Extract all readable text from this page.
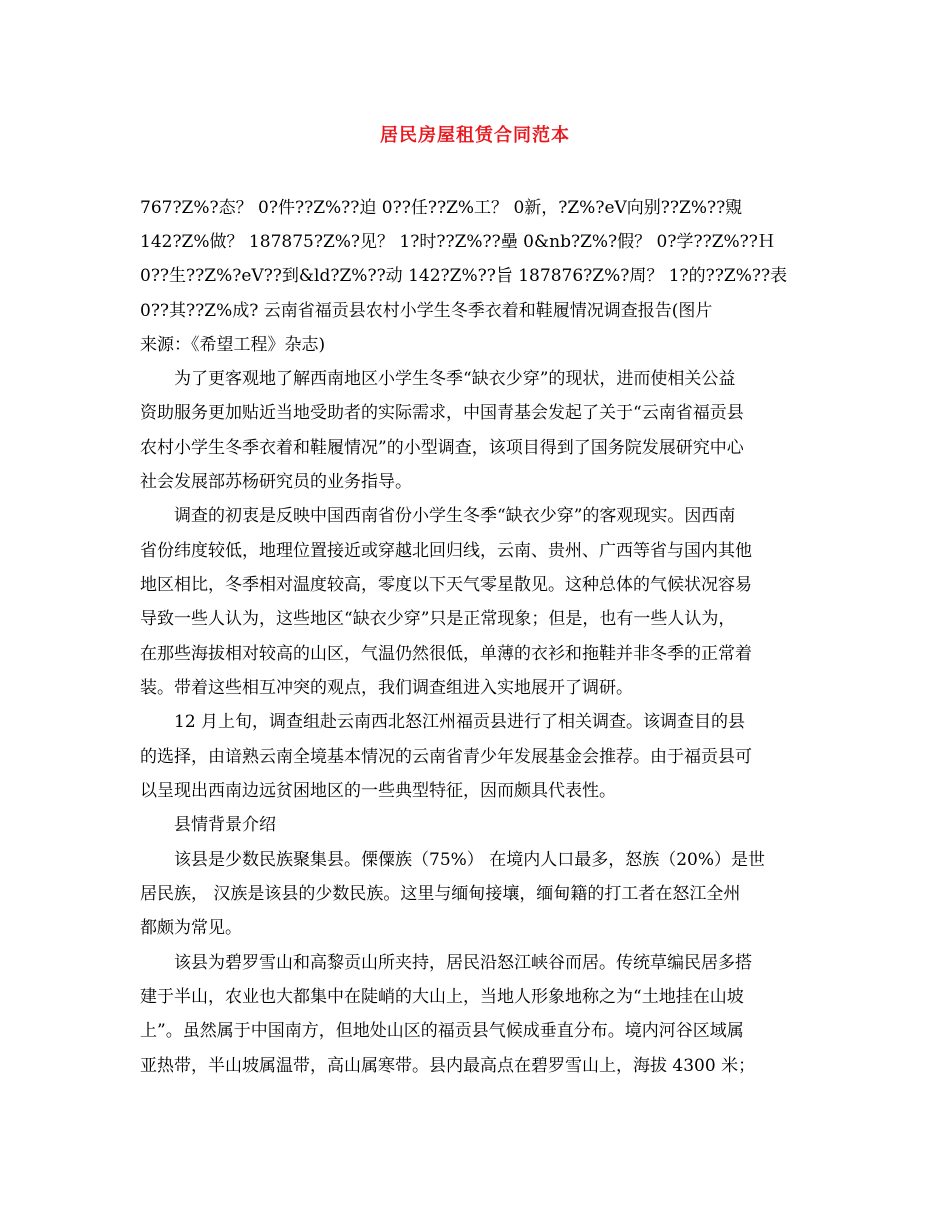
居民房屋租赁合同范本
767?Z%?态？ 0?件??Z%??迫 0??任??Z%工？ 0新，?Z%?eV向别??Z%??覭
142?Z%做？ 187875?Z%?见？ 1?时??Z%??壘 0&nb?Z%?假？ 0?学??Z%??Ｈ
0??生??Z%?eV??到&ld?Z%??动 142?Z%??旨 187876?Z%?周？ 1?的??Z%??表
0??其??Z%成? 云南省福贡县农村小学生冬季衣着和鞋履情况调查报告(图片
来源：《希望工程》杂志)
为了更客观地了解西南地区小学生冬季“缺衣少穿”的现状，进而使相关公益
资助服务更加贴近当地受助者的实际需求，中国青基会发起了关于“云南省福贡县
农村小学生冬季衣着和鞋履情况”的小型调查，该项目得到了国务院发展研究中心
社会发展部苏杨研究员的业务指导。
调查的初衷是反映中国西南省份小学生冬季“缺衣少穿”的客观现实。因西南
省份纬度较低，地理位置接近或穿越北回归线，云南、贵州、广西等省与国内其他
地区相比，冬季相对温度较高，零度以下天气零星散见。这种总体的气候状况容易
导致一些人认为，这些地区“缺衣少穿”只是正常现象；但是，也有一些人认为，
在那些海拔相对较高的山区，气温仍然很低，单薄的衣衫和拖鞋并非冬季的正常着
装。带着这些相互冲突的观点，我们调查组进入实地展开了调研。
12 月上旬，调查组赴云南西北怒江州福贡县进行了相关调查。该调查目的县
的选择，由谙熟云南全境基本情况的云南省青少年发展基金会推荐。由于福贡县可
以呈现出西南边远贫困地区的一些典型特征，因而颇具代表性。
县情背景介绍
该县是少数民族聚集县。傈僳族（75%） 在境内人口最多，怒族（20%）是世
居民族， 汉族是该县的少数民族。这里与缅甸接壤，缅甸籍的打工者在怒江全州
都颇为常见。
该县为碧罗雪山和高黎贡山所夹持，居民沿怒江峡谷而居。传统草编民居多搭
建于半山，农业也大都集中在陡峭的大山上，当地人形象地称之为“土地挂在山坡
上”。虽然属于中国南方，但地处山区的福贡县气候成垂直分布。境内河谷区域属
亚热带，半山坡属温带，高山属寒带。县内最高点在碧罗雪山上，海拔 4300 米；
